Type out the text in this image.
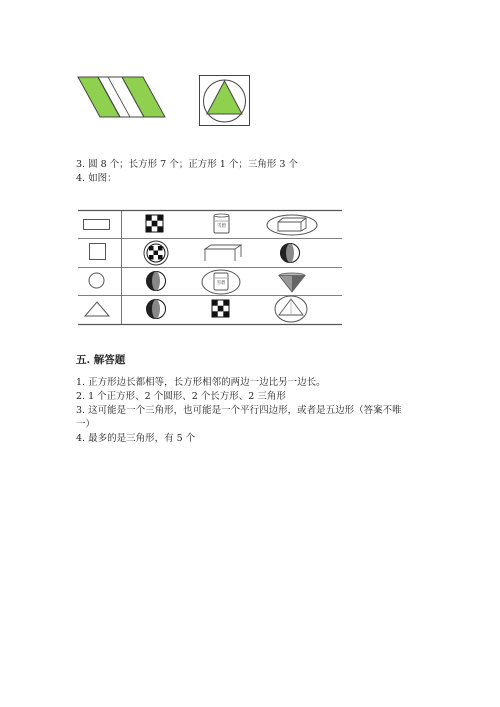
3. 圆 8 个；长方形 7 个；正方形 1 个；三角形 3 个
4. 如图：
雪碧
雪碧
五. 解答题
1. 正方形边长都相等，长方形相邻的两边一边比另一边长。
2. 1 个正方形、2 个圆形、2 个长方形、2 三角形
3. 这可能是一个三角形，也可能是一个平行四边形，或者是五边形（答案不唯
一）
4. 最多的是三角形，有 5 个
